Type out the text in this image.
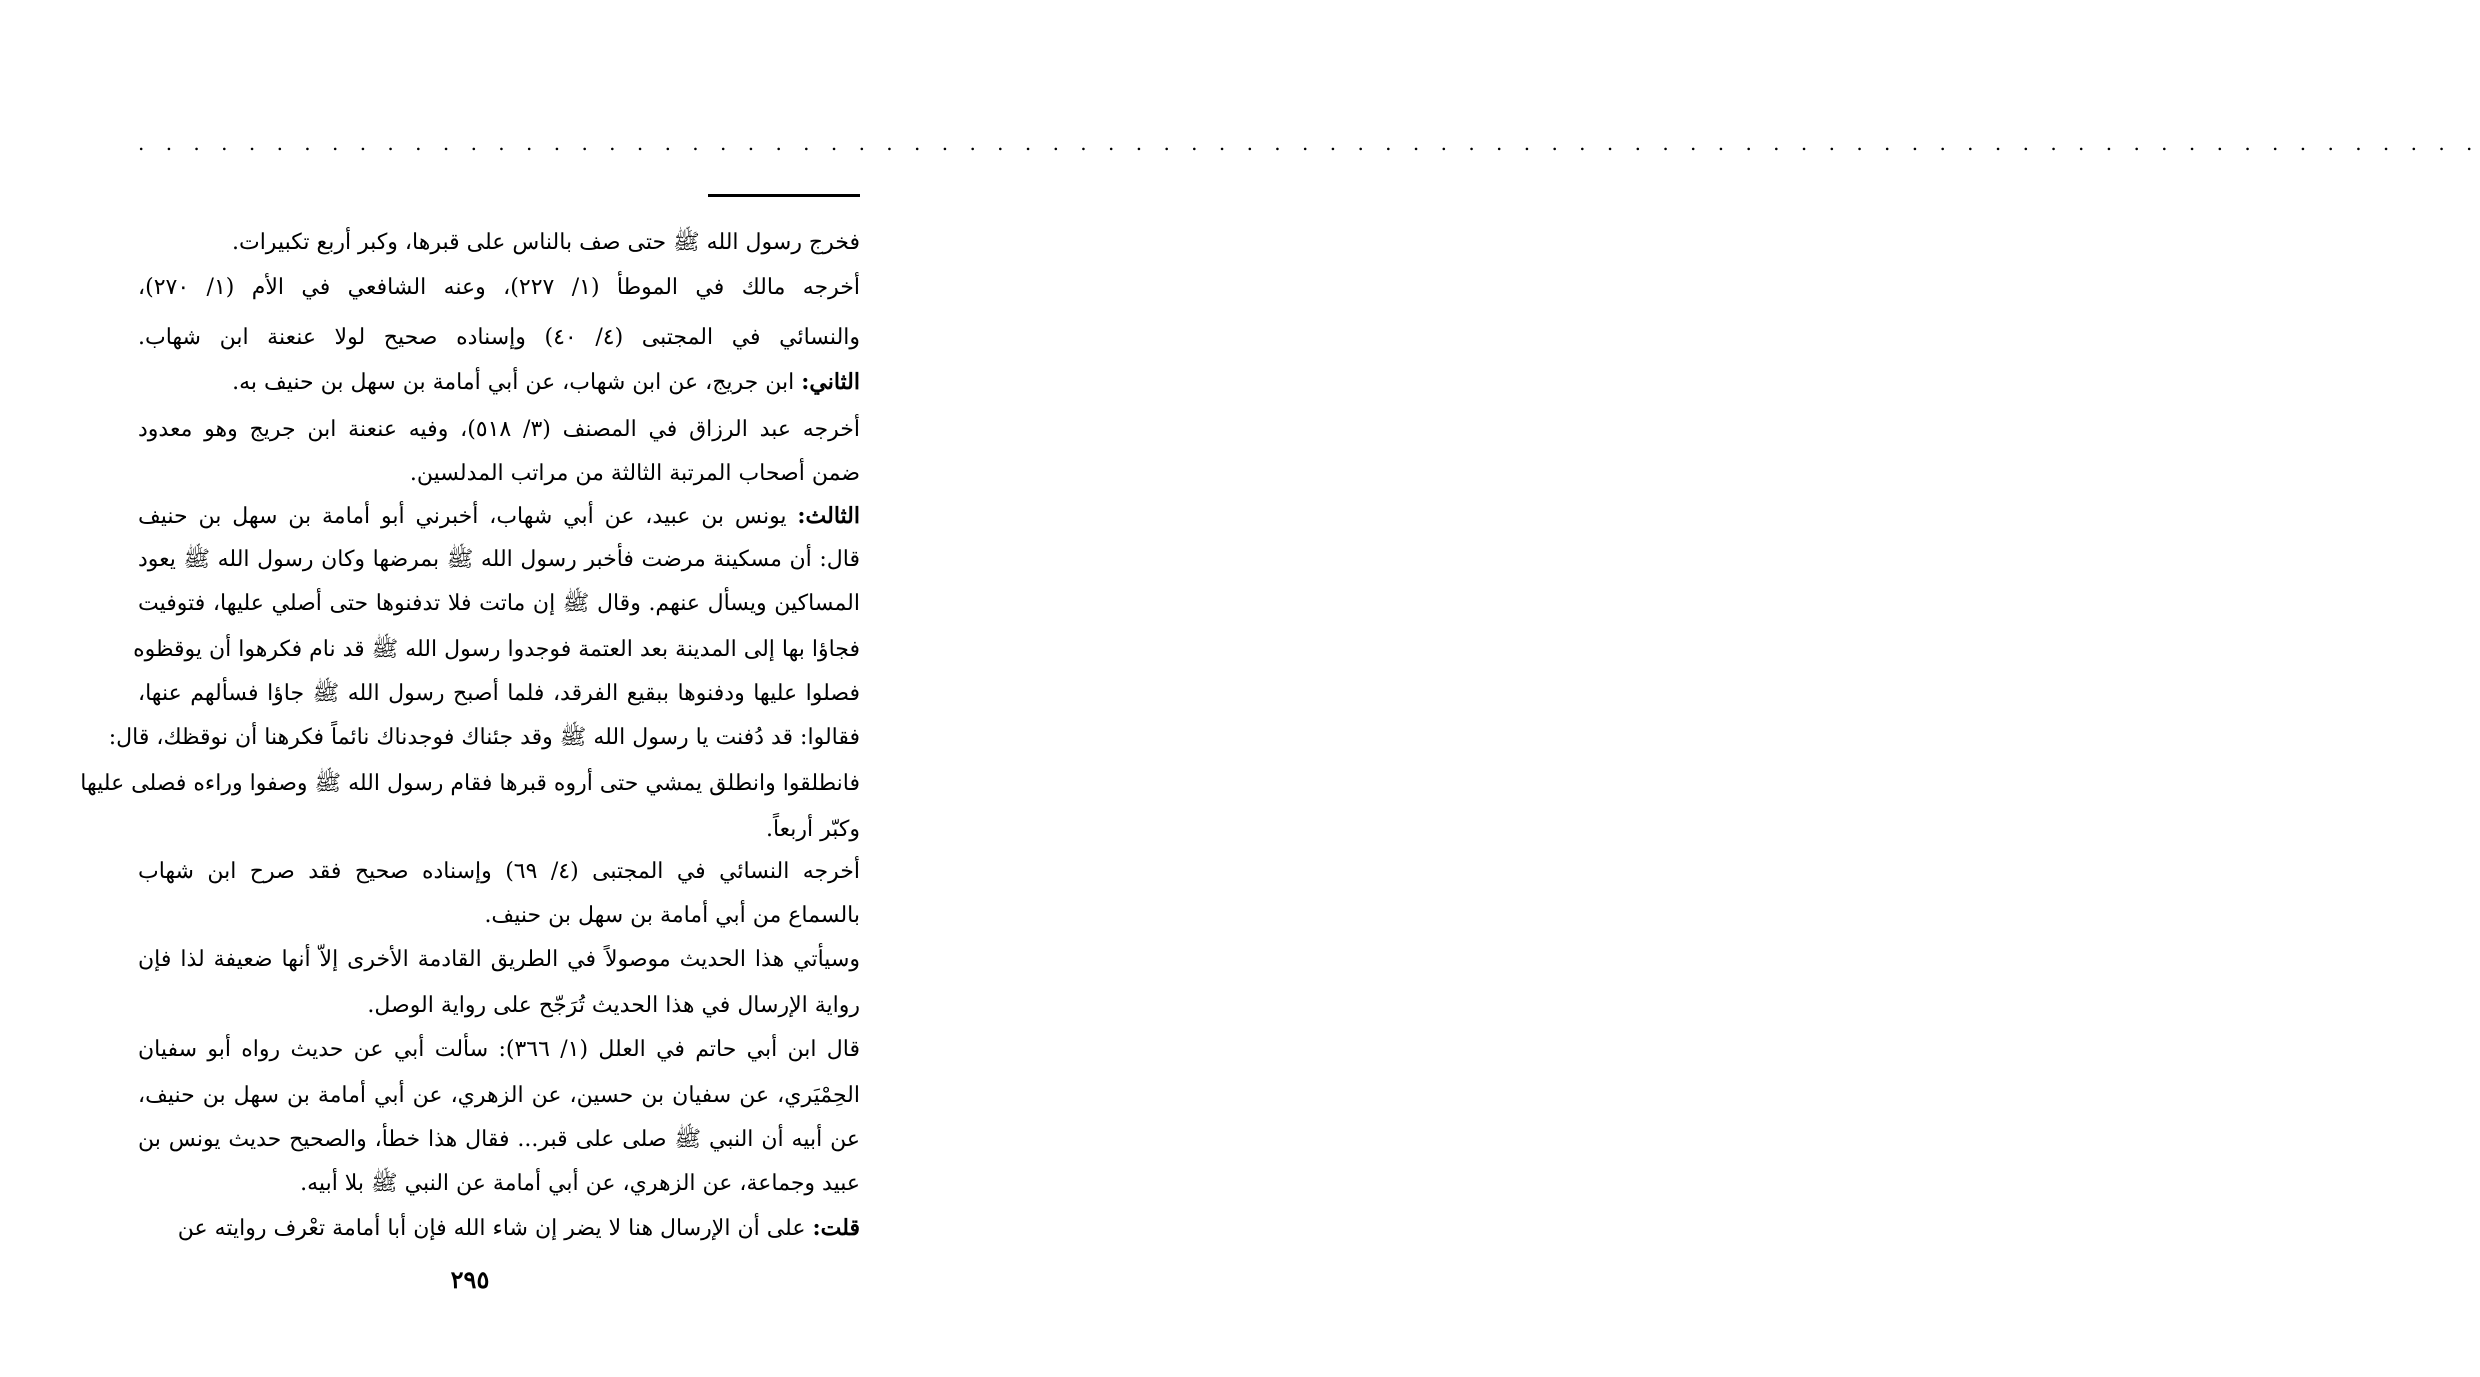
. . . . . . . . . . . . . . . . . . . . . . . . . . . . . . . . . . . . . . . . . . . . . . . . . . . . . . . . . . . . . . . . . . . . . . . . . . . . . . . . . . . . .
فخرج رسول الله ﷺ حتى صف بالناس على قبرها، وكبر أربع تكبيرات.
أخرجه مالك في الموطأ (١/ ٢٢٧)، وعنه الشافعي في الأم (١/ ٢٧٠)،
والنسائي في المجتبى (٤/ ٤٠) وإسناده صحيح لولا عنعنة ابن شهاب.
الثاني: ابن جريج، عن ابن شهاب، عن أبي أمامة بن سهل بن حنيف به.
أخرجه عبد الرزاق في المصنف (٣/ ٥١٨)، وفيه عنعنة ابن جريج وهو معدود
ضمن أصحاب المرتبة الثالثة من مراتب المدلسين.
الثالث: يونس بن عبيد، عن أبي شهاب، أخبرني أبو أمامة بن سهل بن حنيف
قال: أن مسكينة مرضت فأخبر رسول الله ﷺ بمرضها وكان رسول الله ﷺ يعود
المساكين ويسأل عنهم. وقال ﷺ إن ماتت فلا تدفنوها حتى أصلي عليها، فتوفيت
فجاؤا بها إلى المدينة بعد العتمة فوجدوا رسول الله ﷺ قد نام فكرهوا أن يوقظوه
فصلوا عليها ودفنوها ببقيع الفرقد، فلما أصبح رسول الله ﷺ جاؤا فسألهم عنها،
فقالوا: قد دُفنت يا رسول الله ﷺ وقد جئناك فوجدناك نائماً فكرهنا أن نوقظك، قال:
فانطلقوا وانطلق يمشي حتى أروه قبرها فقام رسول الله ﷺ وصفوا وراءه فصلى عليها
وكبّر أربعاً.
أخرجه النسائي في المجتبى (٤/ ٦٩) وإسناده صحيح فقد صرح ابن شهاب
بالسماع من أبي أمامة بن سهل بن حنيف.
وسيأتي هذا الحديث موصولاً في الطريق القادمة الأخرى إلاّ أنها ضعيفة لذا فإن
رواية الإرسال في هذا الحديث تُرَجّح على رواية الوصل.
قال ابن أبي حاتم في العلل (١/ ٣٦٦): سألت أبي عن حديث رواه أبو سفيان
الحِمْيَري، عن سفيان بن حسين، عن الزهري، عن أبي أمامة بن سهل بن حنيف،
عن أبيه أن النبي ﷺ صلى على قبر... فقال هذا خطأ، والصحيح حديث يونس بن
عبيد وجماعة، عن الزهري، عن أبي أمامة عن النبي ﷺ بلا أبيه.
قلت: على أن الإرسال هنا لا يضر إن شاء الله فإن أبا أمامة تعْرف روايته عن
٢٩٥
